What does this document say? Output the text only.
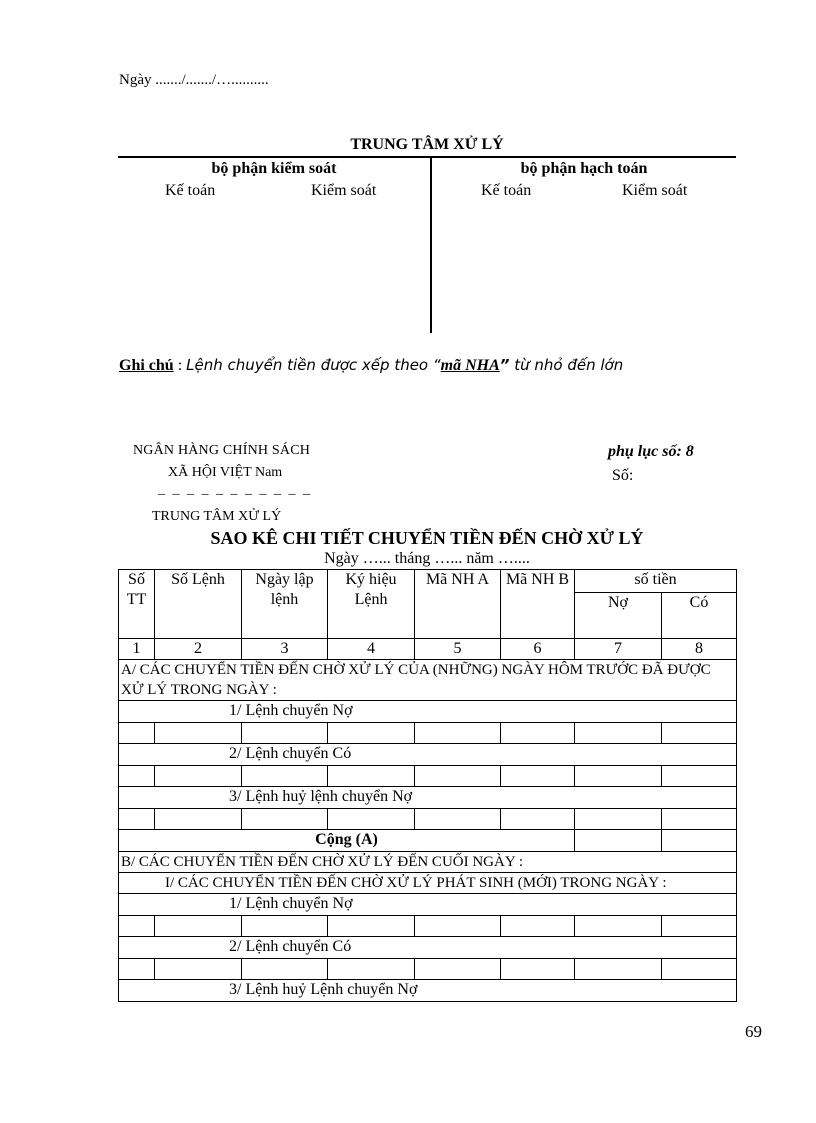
Ngày ......./......./…..........
TRUNG TÂM XỬ LÝ
bộ phận kiểm soát	bộ phận hạch toán
Kế toán	Kiểm soát	Kế toán	Kiểm soát
Ghi chú : Lệnh chuyển tiền được xếp theo “mã NHA” từ nhỏ đến lớn
NGÂN HÀNG CHÍNH SÁCH
XÃ HỘI VIỆT Nam
_ _ _ _ _ _ _ _ _ _ _
TRUNG TÂM XỬ LÝ
phụ lục số: 8
Số:
SAO KÊ CHI TIẾT CHUYỂN TIỀN ĐẾN CHỜ XỬ LÝ
Ngày …... tháng …... năm …....
Số TT	Số Lệnh	Ngày lập lệnh	Ký hiệu Lệnh	Mã NH A	Mã NH B	số tiền	
						Nợ	Có
1	2	3	4	5	6	7	8
A/ CÁC CHUYỂN TIỀN ĐẾN CHỜ XỬ LÝ CỦA (NHỮNG) NGÀY HÔM TRƯỚC ĐÃ ĐƯỢC XỬ LÝ TRONG NGÀY :							
1/ Lệnh chuyển Nợ							

2/ Lệnh chuyển Có							

3/ Lệnh huỷ lệnh chuyển Nợ							

Cộng (A)							
B/ CÁC CHUYỂN TIỀN ĐẾN CHỜ XỬ LÝ ĐẾN CUỐI NGÀY :							
I/ CÁC CHUYỂN TIỀN ĐẾN CHỜ XỬ LÝ PHÁT SINH (MỚI) TRONG NGÀY :							
1/ Lệnh chuyển Nợ							

2/ Lệnh chuyển Có							

3/ Lệnh huỷ Lệnh chuyển Nợ							
69
